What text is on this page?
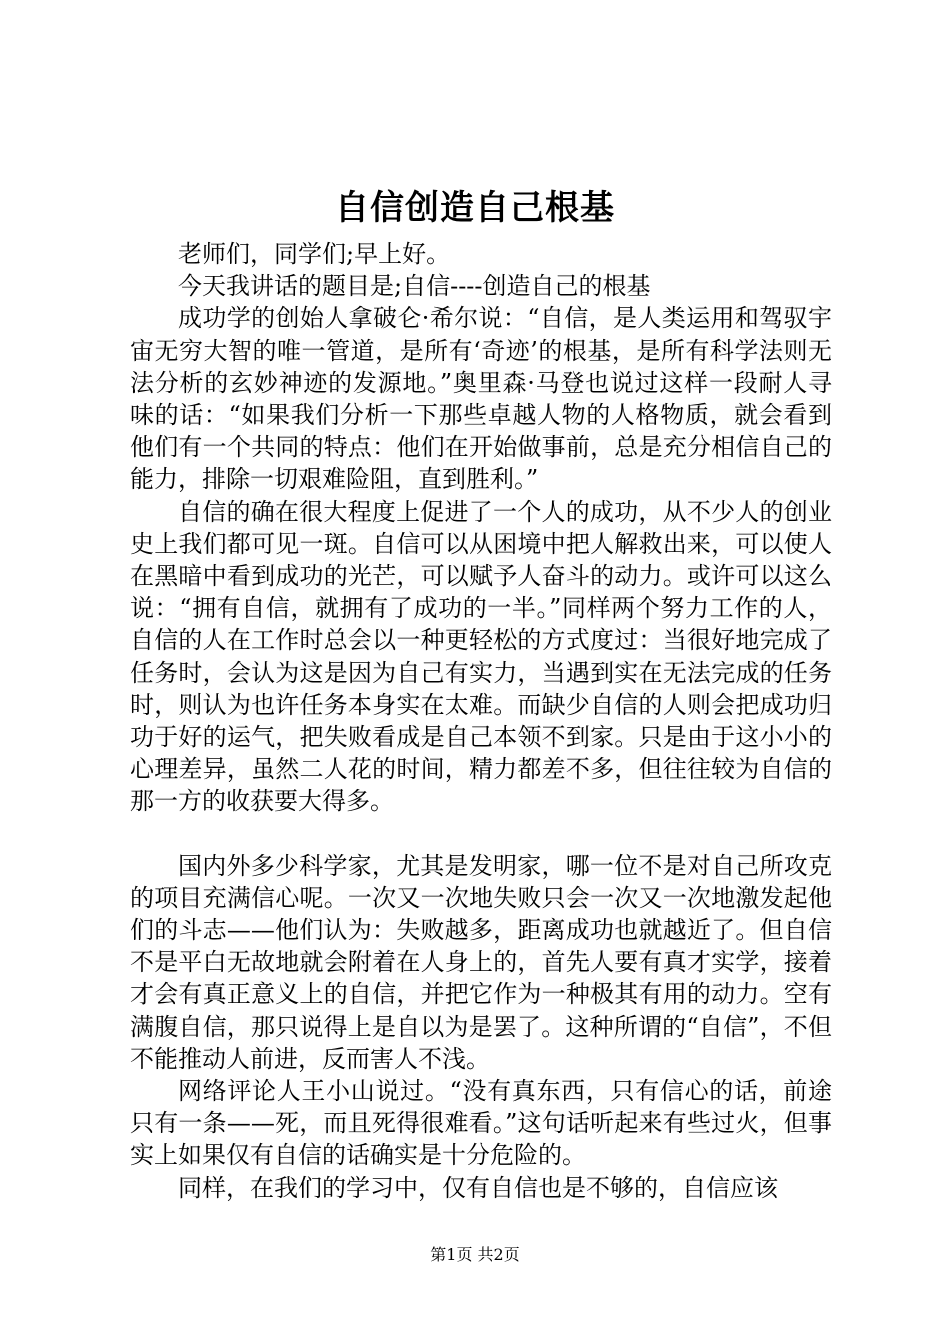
自信创造自己根基

老师们，同学们;早上好。

今天我讲话的题目是;自信----创造自己的根基

成功学的创始人拿破仑·希尔说：“自信，是人类运用和驾驭宇宙无穷大智的唯一管道，是所有‘奇迹’的根基，是所有科学法则无法分析的玄妙神迹的发源地。”奥里森·马登也说过这样一段耐人寻味的话：“如果我们分析一下那些卓越人物的人格物质，就会看到他们有一个共同的特点：他们在开始做事前，总是充分相信自己的能力，排除一切艰难险阻，直到胜利。”

自信的确在很大程度上促进了一个人的成功，从不少人的创业史上我们都可见一斑。自信可以从困境中把人解救出来，可以使人在黑暗中看到成功的光芒，可以赋予人奋斗的动力。或许可以这么说：“拥有自信，就拥有了成功的一半。”同样两个努力工作的人，自信的人在工作时总会以一种更轻松的方式度过：当很好地完成了任务时，会认为这是因为自己有实力，当遇到实在无法完成的任务时，则认为也许任务本身实在太难。而缺少自信的人则会把成功归功于好的运气，把失败看成是自己本领不到家。只是由于这小小的心理差异，虽然二人花的时间，精力都差不多，但往往较为自信的那一方的收获要大得多。

国内外多少科学家，尤其是发明家，哪一位不是对自己所攻克的项目充满信心呢。一次又一次地失败只会一次又一次地激发起他们的斗志——他们认为：失败越多，距离成功也就越近了。但自信不是平白无故地就会附着在人身上的，首先人要有真才实学，接着才会有真正意义上的自信，并把它作为一种极其有用的动力。空有满腹自信，那只说得上是自以为是罢了。这种所谓的“自信”，不但不能推动人前进，反而害人不浅。

网络评论人王小山说过。“没有真东西，只有信心的话，前途只有一条——死，而且死得很难看。”这句话听起来有些过火，但事实上如果仅有自信的话确实是十分危险的。

同样，在我们的学习中，仅有自信也是不够的，自信应该

第1页 共2页
